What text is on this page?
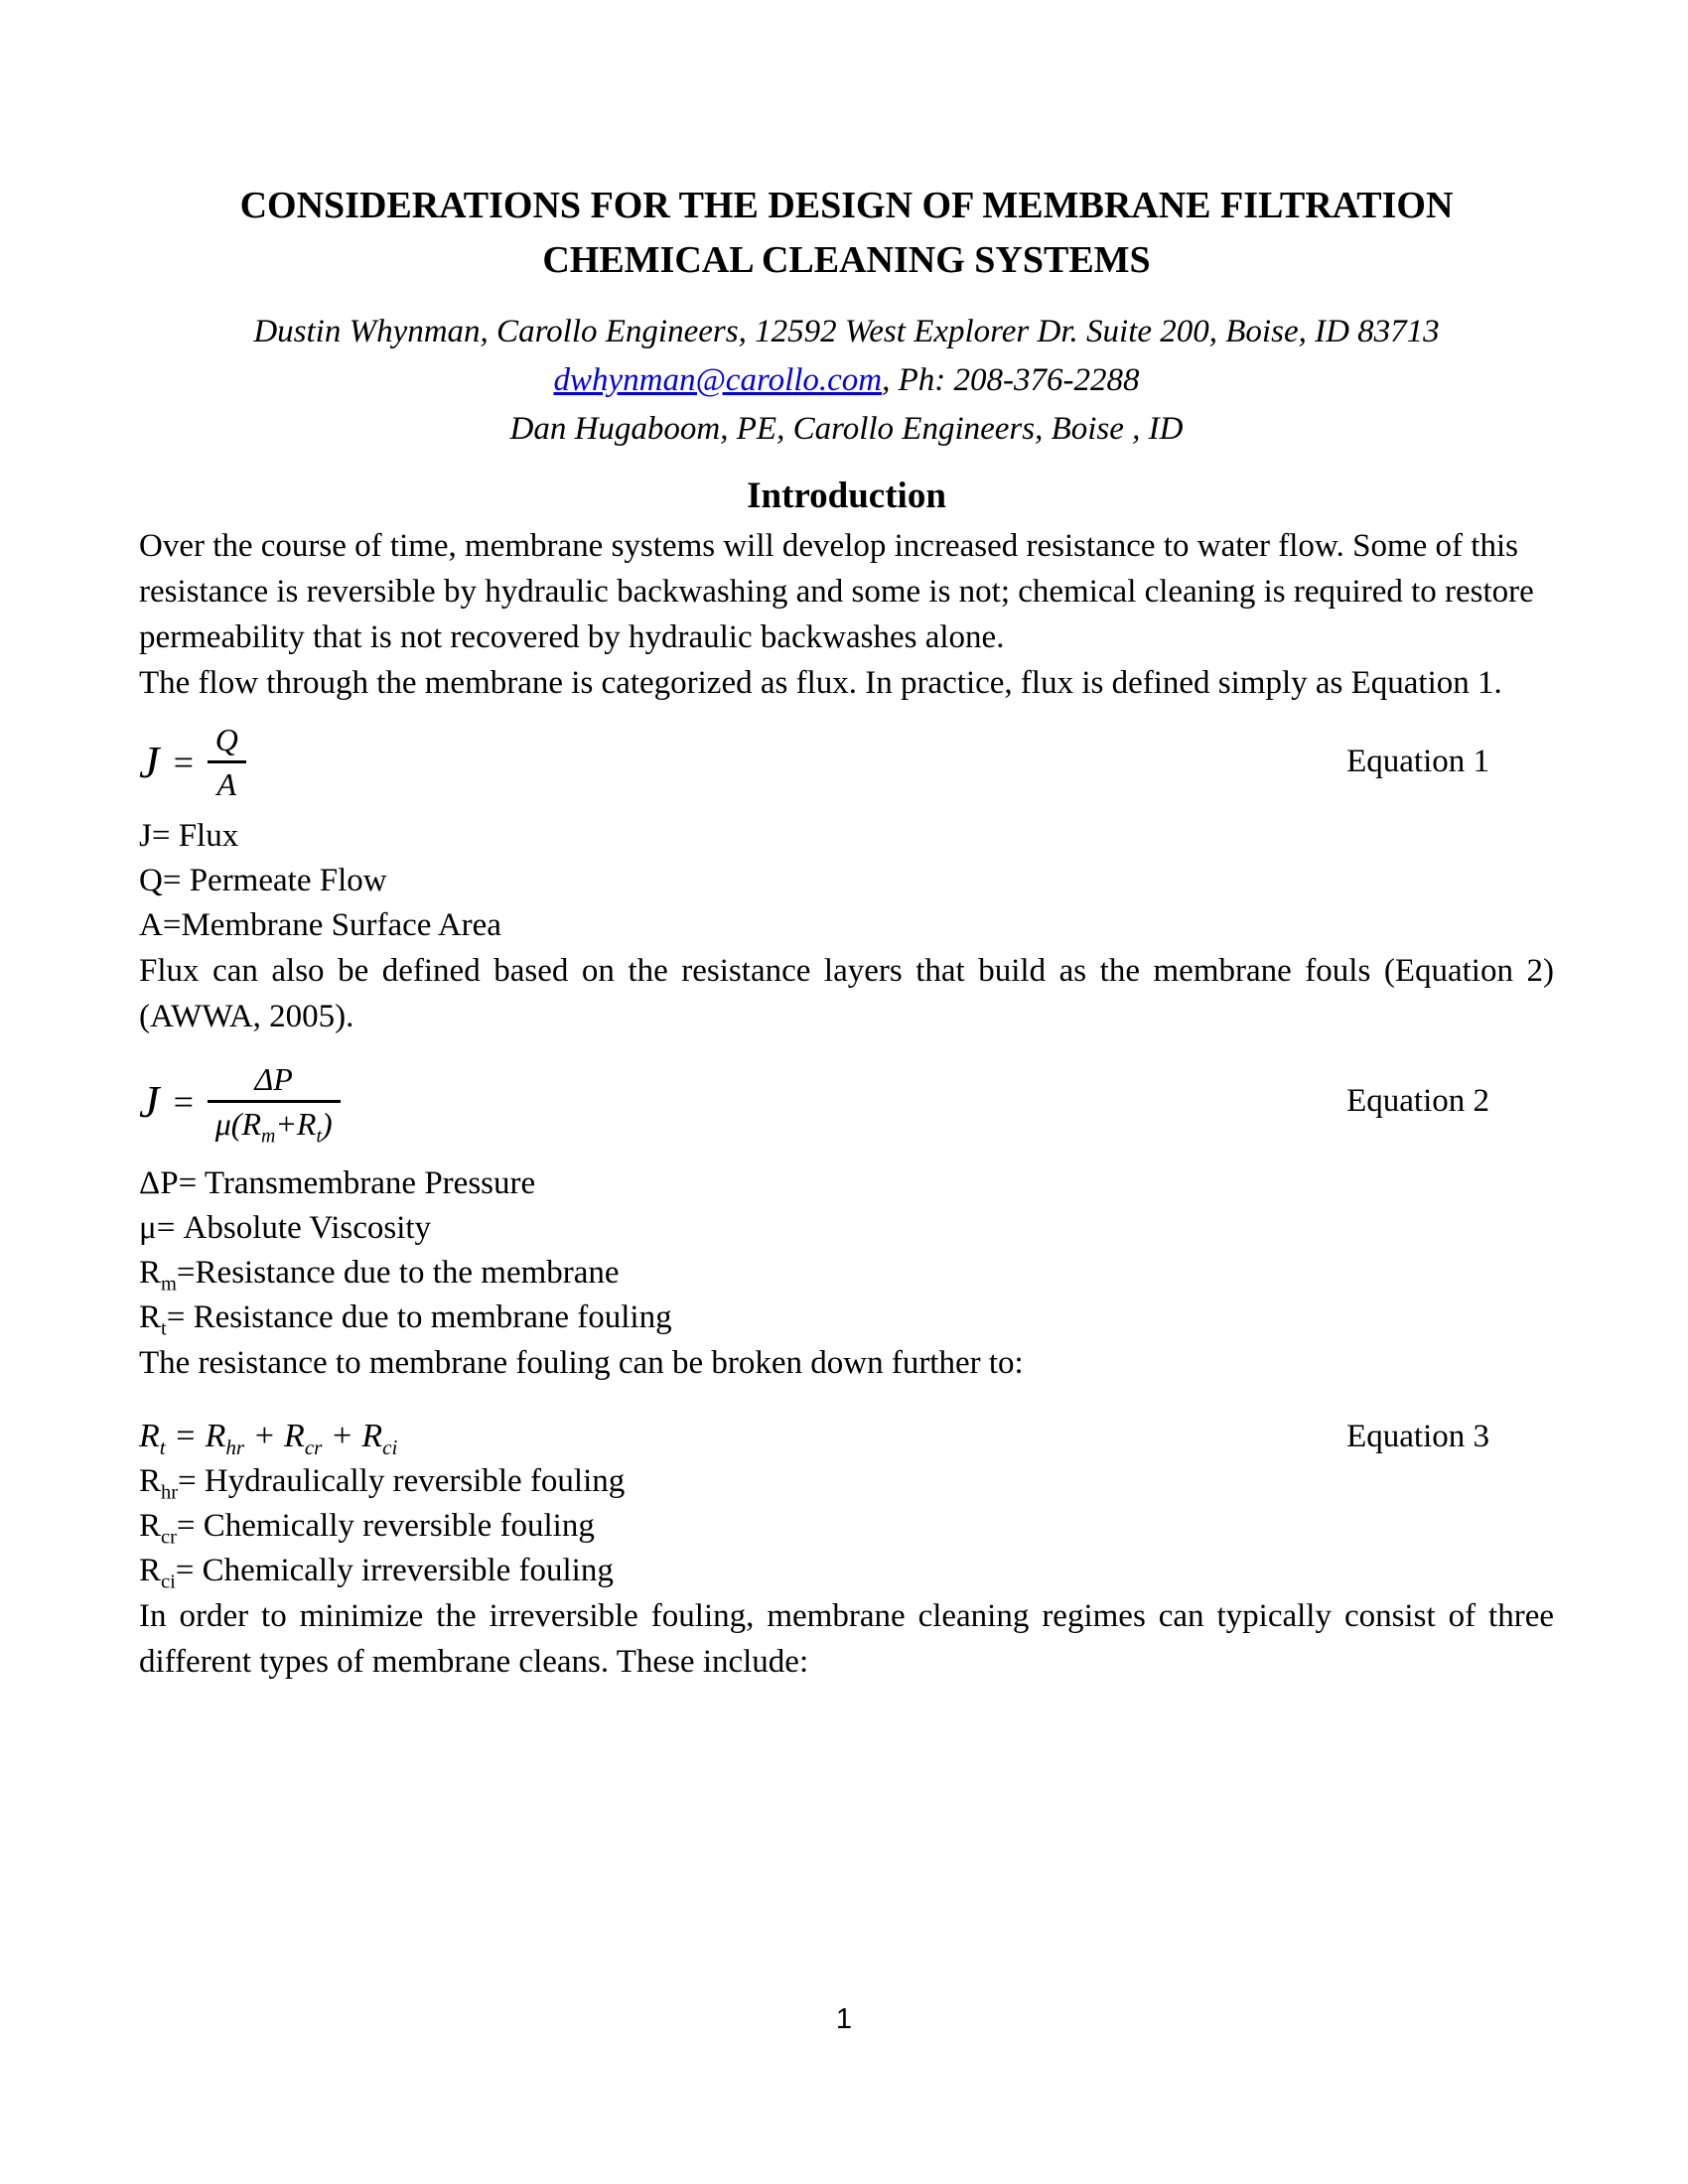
CONSIDERATIONS FOR THE DESIGN OF MEMBRANE FILTRATION
CHEMICAL CLEANING SYSTEMS
Dustin Whynman, Carollo Engineers, 12592 West Explorer Dr. Suite 200, Boise, ID 83713
dwhynman@carollo.com, Ph: 208-376-2288
Dan Hugaboom, PE, Carollo Engineers, Boise , ID
Introduction

Over the course of time, membrane systems will develop increased resistance to water flow. Some of this resistance is reversible by hydraulic backwashing and some is not; chemical cleaning is required to restore permeability that is not recovered by hydraulic backwashes alone.

The flow through the membrane is categorized as flux. In practice, flux is defined simply as Equation 1.

$J = \frac{Q}{A}$	Equation 1
J= Flux
Q= Permeate Flow
A=Membrane Surface Area

Flux can also be defined based on the resistance layers that build as the membrane fouls (Equation 2) (AWWA, 2005).

$J = \frac{\Delta P}{\mu(R_m+R_t)}$	Equation 2
ΔP= Transmembrane Pressure
μ= Absolute Viscosity
$R_m=Resistance$ due to the membrane
$R_t=$ Resistance due to membrane fouling

The resistance to membrane fouling can be broken down further to:

$R_t = R_{hr} + R_{cr} + R_{ci}$	Equation 3
$R_{hr}=$ Hydraulically reversible fouling
$R_{cr}=$ Chemically reversible fouling
$R_{ci}=$ Chemically irreversible fouling

In order to minimize the irreversible fouling, membrane cleaning regimes can typically consist of three different types of membrane cleans. These include:

1
